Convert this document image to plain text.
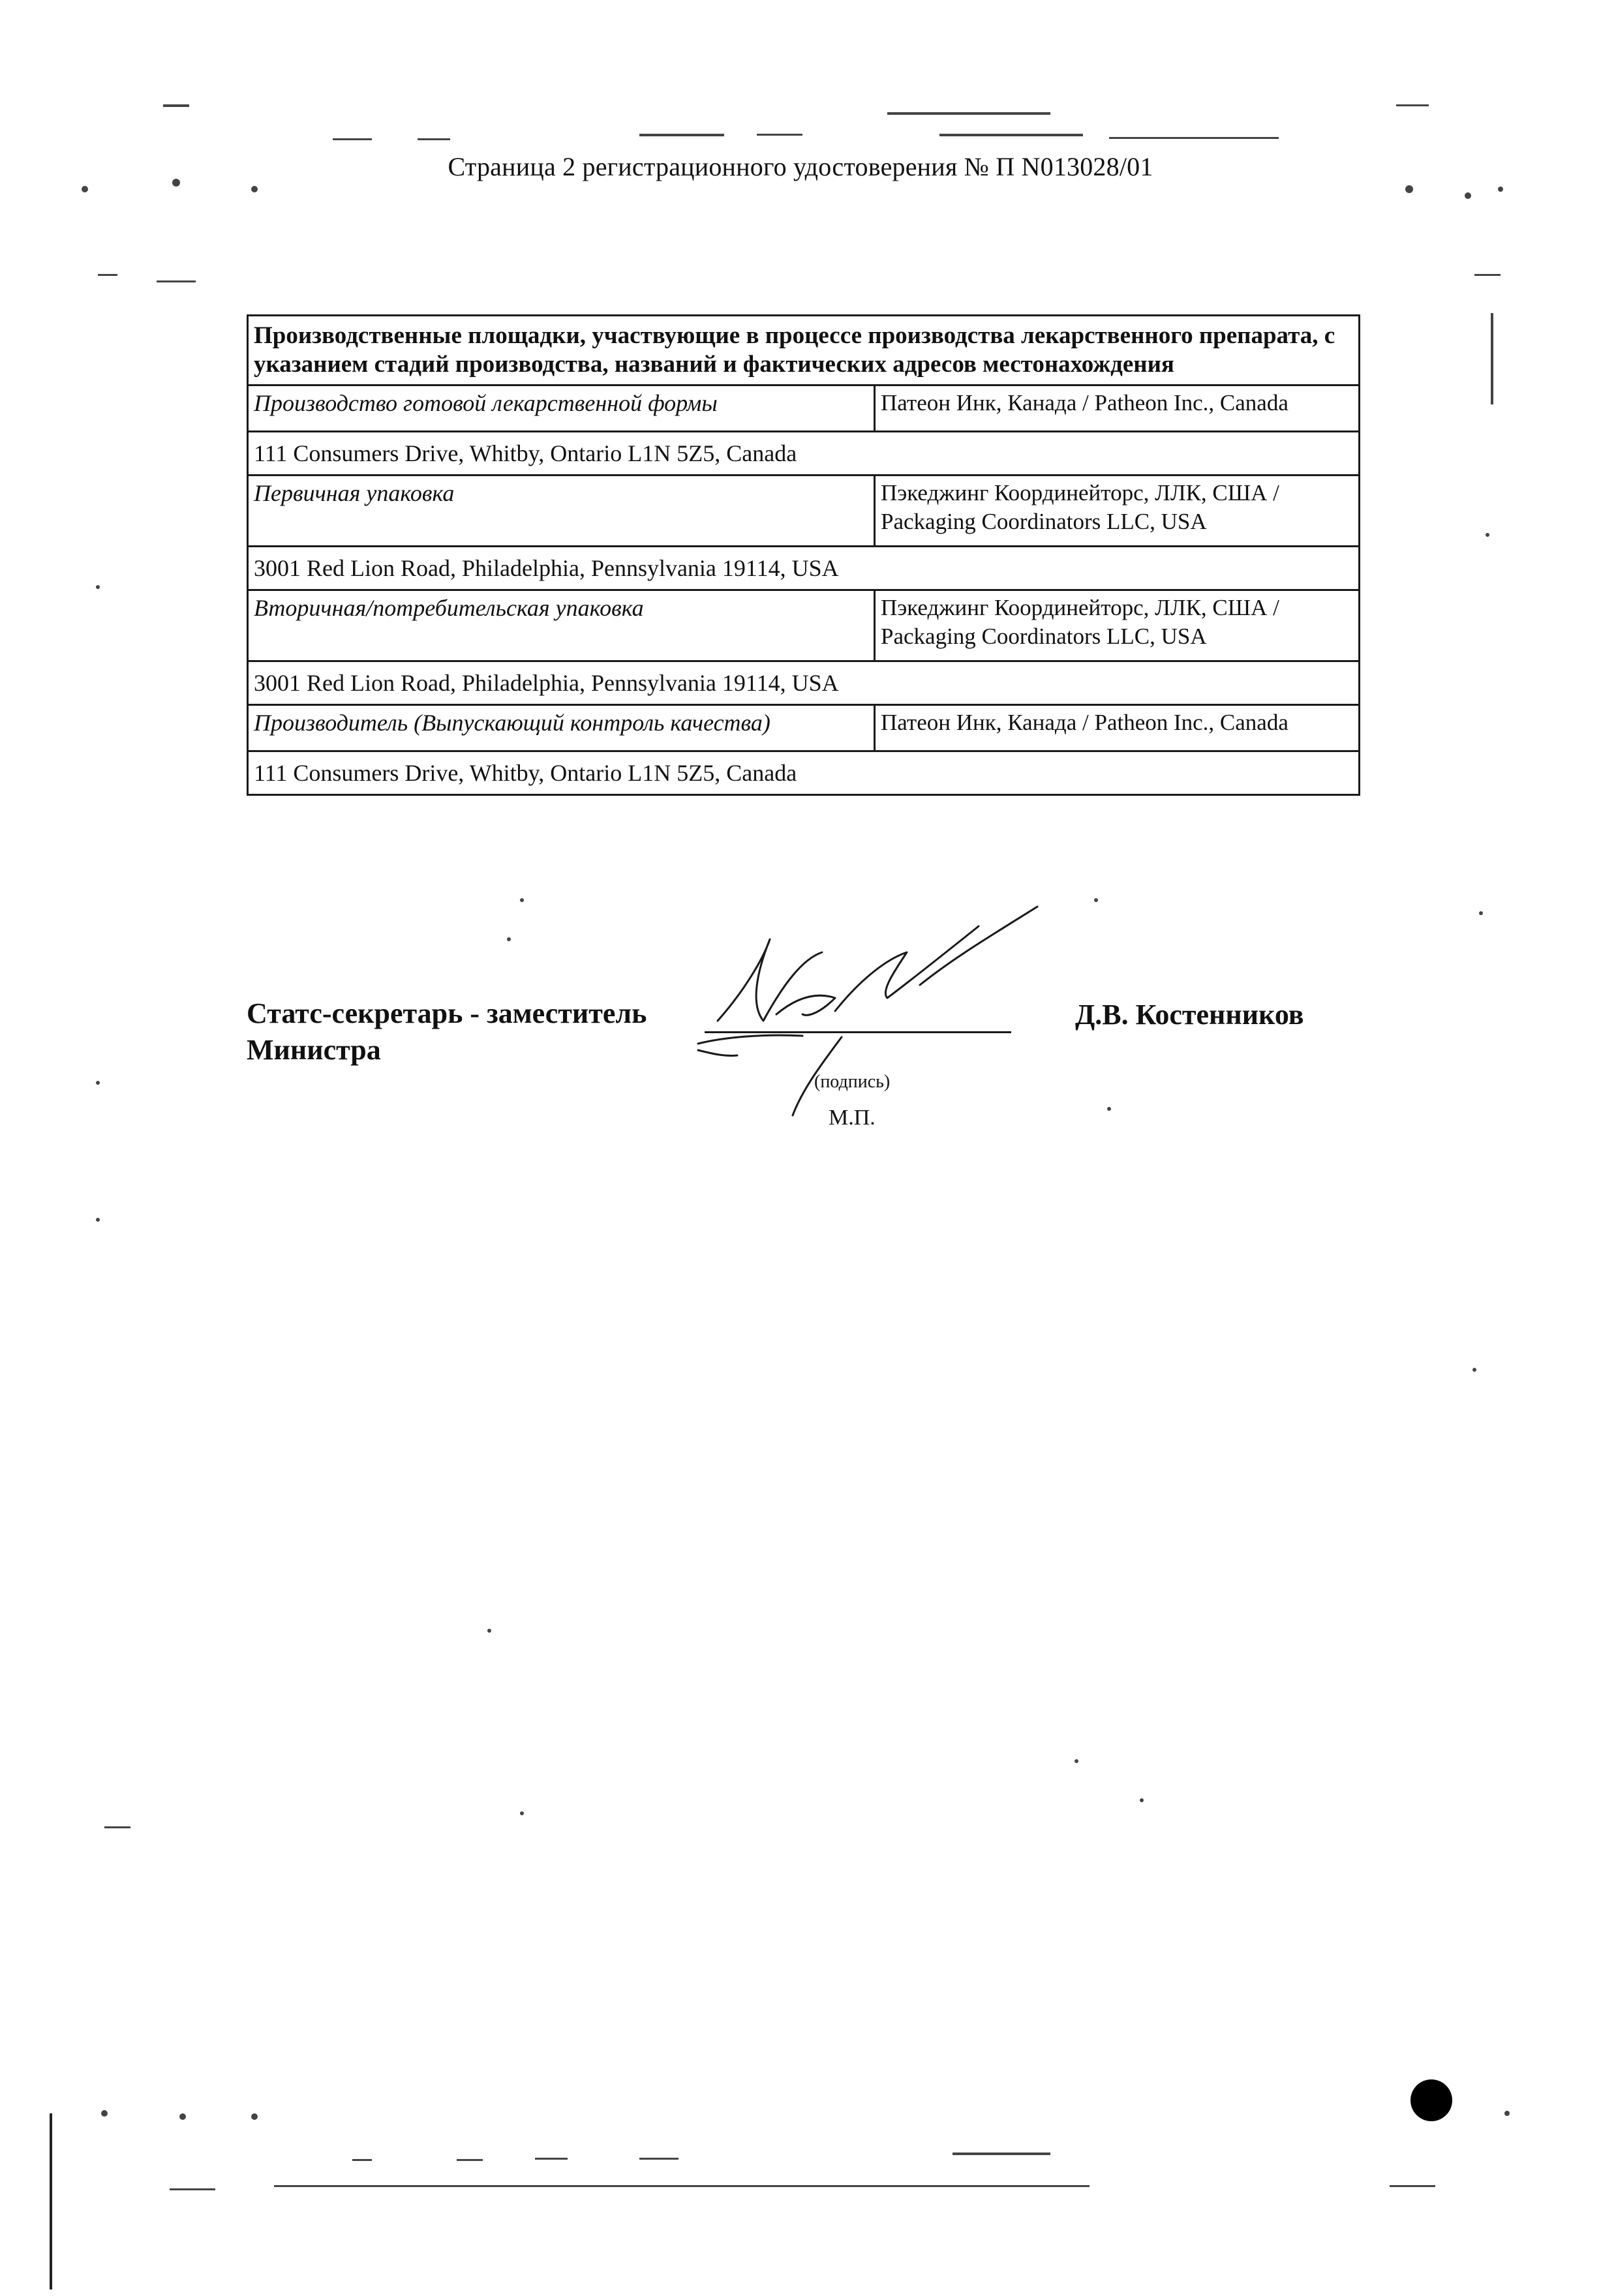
Страница 2 регистрационного удостоверения № П N013028/01
Производственные площадки, участвующие в процессе производства лекарственного препарата, с указанием стадий производства, названий и фактических адресов местонахождения	
Производство готовой лекарственной формы	Патеон Инк, Канада / Patheon Inc., Canada
111 Consumers Drive, Whitby, Ontario L1N 5Z5, Canada	
Первичная упаковка	Пэкеджинг Координейторс, ЛЛК, США / Packaging Coordinators LLC, USA
3001 Red Lion Road, Philadelphia, Pennsylvania 19114, USA	
Вторичная/потребительская упаковка	Пэкеджинг Координейторс, ЛЛК, США / Packaging Coordinators LLC, USA
3001 Red Lion Road, Philadelphia, Pennsylvania 19114, USA	
Производитель (Выпускающий контроль качества)	Патеон Инк, Канада / Patheon Inc., Canada
111 Consumers Drive, Whitby, Ontario L1N 5Z5, Canada	
Статс-секретарь - заместитель
Министра
(подпись)
Д.В. Костенников
М.П.
